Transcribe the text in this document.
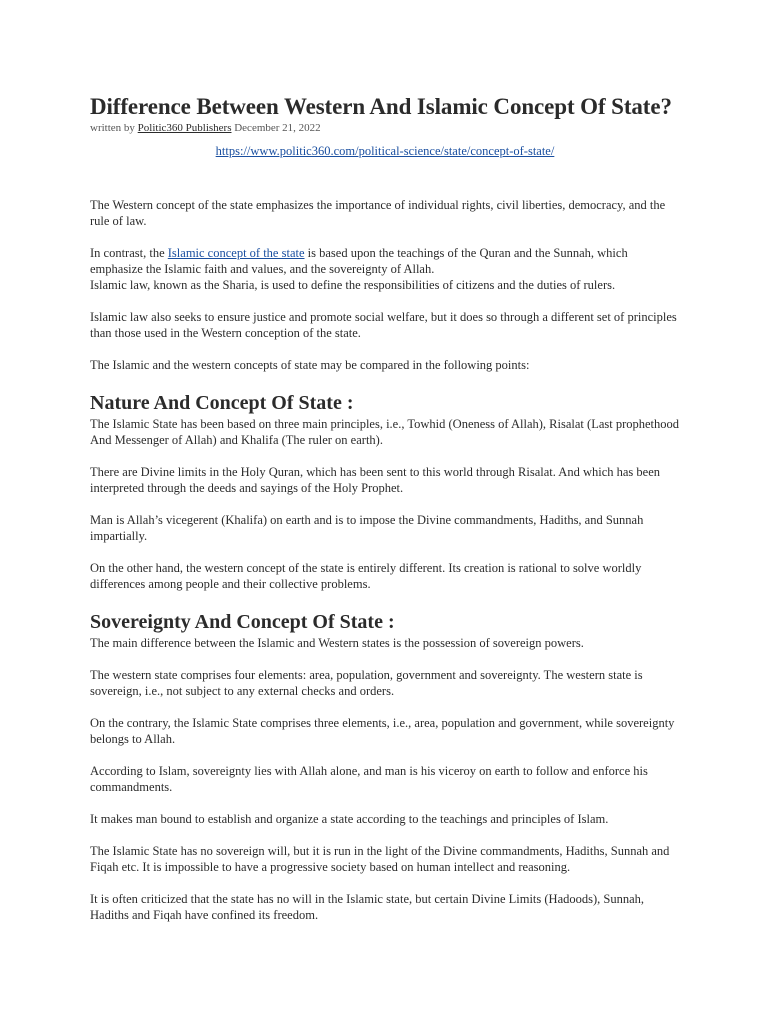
Difference Between Western And Islamic Concept Of State?

written by Politic360 Publishers December 21, 2022

https://www.politic360.com/political-science/state/concept-of-state/

The Western concept of the state emphasizes the importance of individual rights, civil liberties, democracy, and the rule of law.

In contrast, the Islamic concept of the state is based upon the teachings of the Quran and the Sunnah, which emphasize the Islamic faith and values, and the sovereignty of Allah.
Islamic law, known as the Sharia, is used to define the responsibilities of citizens and the duties of rulers.

Islamic law also seeks to ensure justice and promote social welfare, but it does so through a different set of principles than those used in the Western conception of the state.

The Islamic and the western concepts of state may be compared in the following points:

Nature And Concept Of State :

The Islamic State has been based on three main principles, i.e., Towhid (Oneness of Allah), Risalat (Last prophethood And Messenger of Allah) and Khalifa (The ruler on earth).

There are Divine limits in the Holy Quran, which has been sent to this world through Risalat. And which has been interpreted through the deeds and sayings of the Holy Prophet.

Man is Allah’s vicegerent (Khalifa) on earth and is to impose the Divine commandments, Hadiths, and Sunnah impartially.

On the other hand, the western concept of the state is entirely different. Its creation is rational to solve worldly differences among people and their collective problems.

Sovereignty And Concept Of State :

The main difference between the Islamic and Western states is the possession of sovereign powers.

The western state comprises four elements: area, population, government and sovereignty. The western state is sovereign, i.e., not subject to any external checks and orders.

On the contrary, the Islamic State comprises three elements, i.e., area, population and government, while sovereignty belongs to Allah.

According to Islam, sovereignty lies with Allah alone, and man is his viceroy on earth to follow and enforce his commandments.

It makes man bound to establish and organize a state according to the teachings and principles of Islam.

The Islamic State has no sovereign will, but it is run in the light of the Divine commandments, Hadiths, Sunnah and Fiqah etc. It is impossible to have a progressive society based on human intellect and reasoning.

It is often criticized that the state has no will in the Islamic state, but certain Divine Limits (Hadoods), Sunnah, Hadiths and Fiqah have confined its freedom.
